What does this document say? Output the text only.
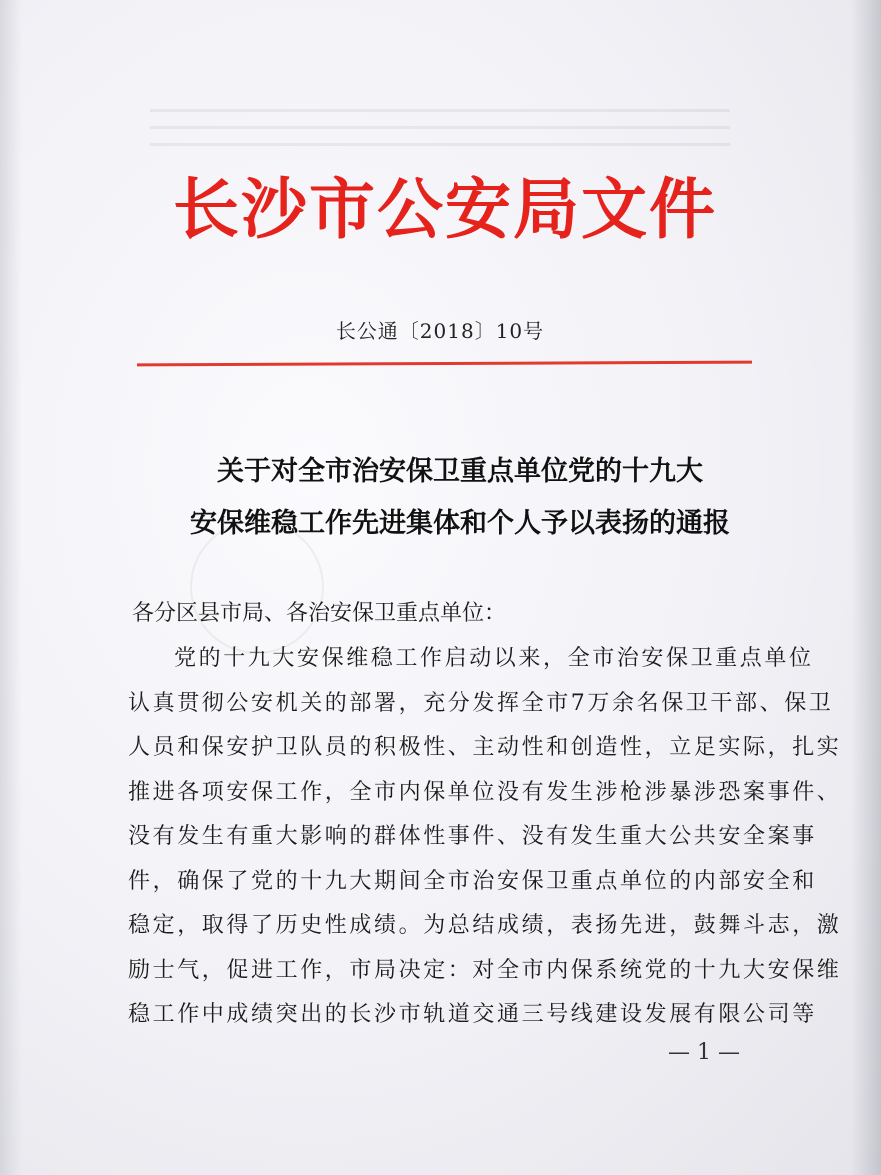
长沙市公安局文件
长公通〔2018〕10号
关于对全市治安保卫重点单位党的十九大
安保维稳工作先进集体和个人予以表扬的通报
各分区县市局、各治安保卫重点单位：
党的十九大安保维稳工作启动以来，全市治安保卫重点单位
认真贯彻公安机关的部署，充分发挥全市7万余名保卫干部、保卫
人员和保安护卫队员的积极性、主动性和创造性，立足实际，扎实
推进各项安保工作，全市内保单位没有发生涉枪涉暴涉恐案事件、
没有发生有重大影响的群体性事件、没有发生重大公共安全案事
件，确保了党的十九大期间全市治安保卫重点单位的内部安全和
稳定，取得了历史性成绩。为总结成绩，表扬先进，鼓舞斗志，激
励士气，促进工作，市局决定：对全市内保系统党的十九大安保维
稳工作中成绩突出的长沙市轨道交通三号线建设发展有限公司等
— 1 —
